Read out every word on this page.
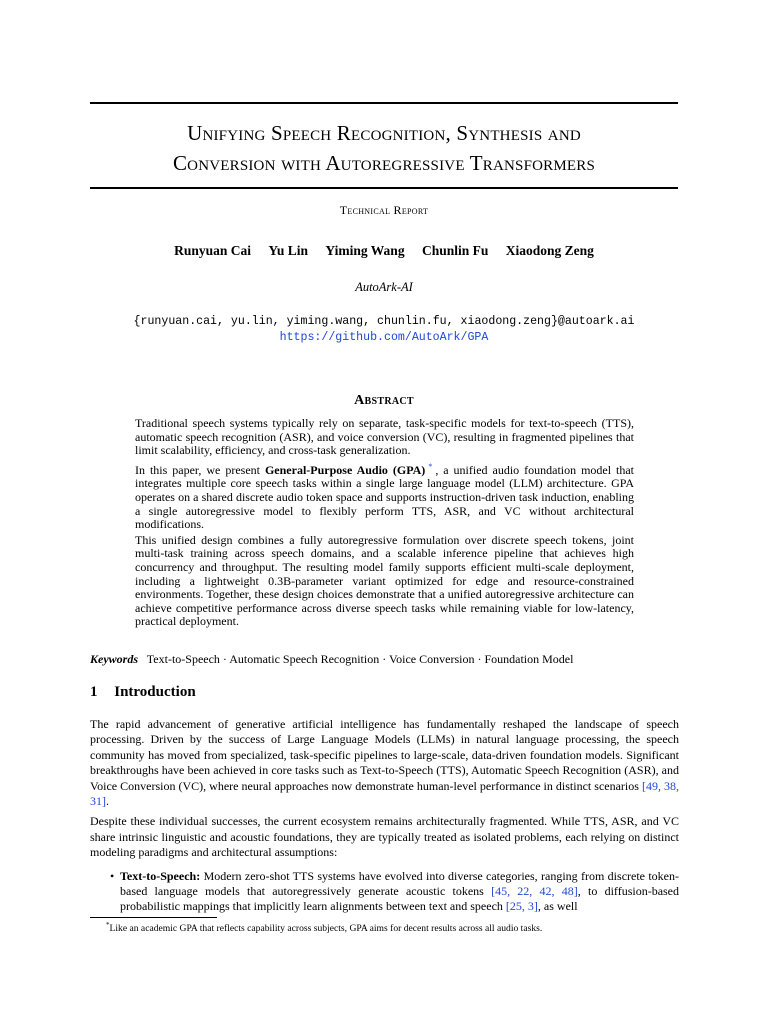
Unifying Speech Recognition, Synthesis and
Conversion with Autoregressive Transformers
Technical Report
Runyuan Cai Yu Lin Yiming Wang Chunlin Fu Xiaodong Zeng
AutoArk-AI
{runyuan.cai, yu.lin, yiming.wang, chunlin.fu, xiaodong.zeng}@autoark.ai
https://github.com/AutoArk/GPA
Abstract

Traditional speech systems typically rely on separate, task-specific models for text-to-speech (TTS), automatic speech recognition (ASR), and voice conversion (VC), resulting in fragmented pipelines that limit scalability, efficiency, and cross-task generalization.

In this paper, we present General-Purpose Audio (GPA) * , a unified audio foundation model that integrates multiple core speech tasks within a single large language model (LLM) architecture. GPA operates on a shared discrete audio token space and supports instruction-driven task induction, enabling a single autoregressive model to flexibly perform TTS, ASR, and VC without architectural modifications.

This unified design combines a fully autoregressive formulation over discrete speech tokens, joint multi-task training across speech domains, and a scalable inference pipeline that achieves high concurrency and throughput. The resulting model family supports efficient multi-scale deployment, including a lightweight 0.3B-parameter variant optimized for edge and resource-constrained environments. Together, these design choices demonstrate that a unified autoregressive architecture can achieve competitive performance across diverse speech tasks while remaining viable for low-latency, practical deployment.

Keywords Text-to-Speech · Automatic Speech Recognition · Voice Conversion · Foundation Model
1 Introduction

The rapid advancement of generative artificial intelligence has fundamentally reshaped the landscape of speech processing. Driven by the success of Large Language Models (LLMs) in natural language processing, the speech community has moved from specialized, task-specific pipelines to large-scale, data-driven foundation models. Significant breakthroughs have been achieved in core tasks such as Text-to-Speech (TTS), Automatic Speech Recognition (ASR), and Voice Conversion (VC), where neural approaches now demonstrate human-level performance in distinct scenarios [49, 38, 31].

Despite these individual successes, the current ecosystem remains architecturally fragmented. While TTS, ASR, and VC share intrinsic linguistic and acoustic foundations, they are typically treated as isolated problems, each relying on distinct modeling paradigms and architectural assumptions:

• Text-to-Speech: Modern zero-shot TTS systems have evolved into diverse categories, ranging from discrete token-based language models that autoregressively generate acoustic tokens [45, 22, 42, 48], to diffusion-based probabilistic mappings that implicitly learn alignments between text and speech [25, 3], as well
*Like an academic GPA that reflects capability across subjects, GPA aims for decent results across all audio tasks.
